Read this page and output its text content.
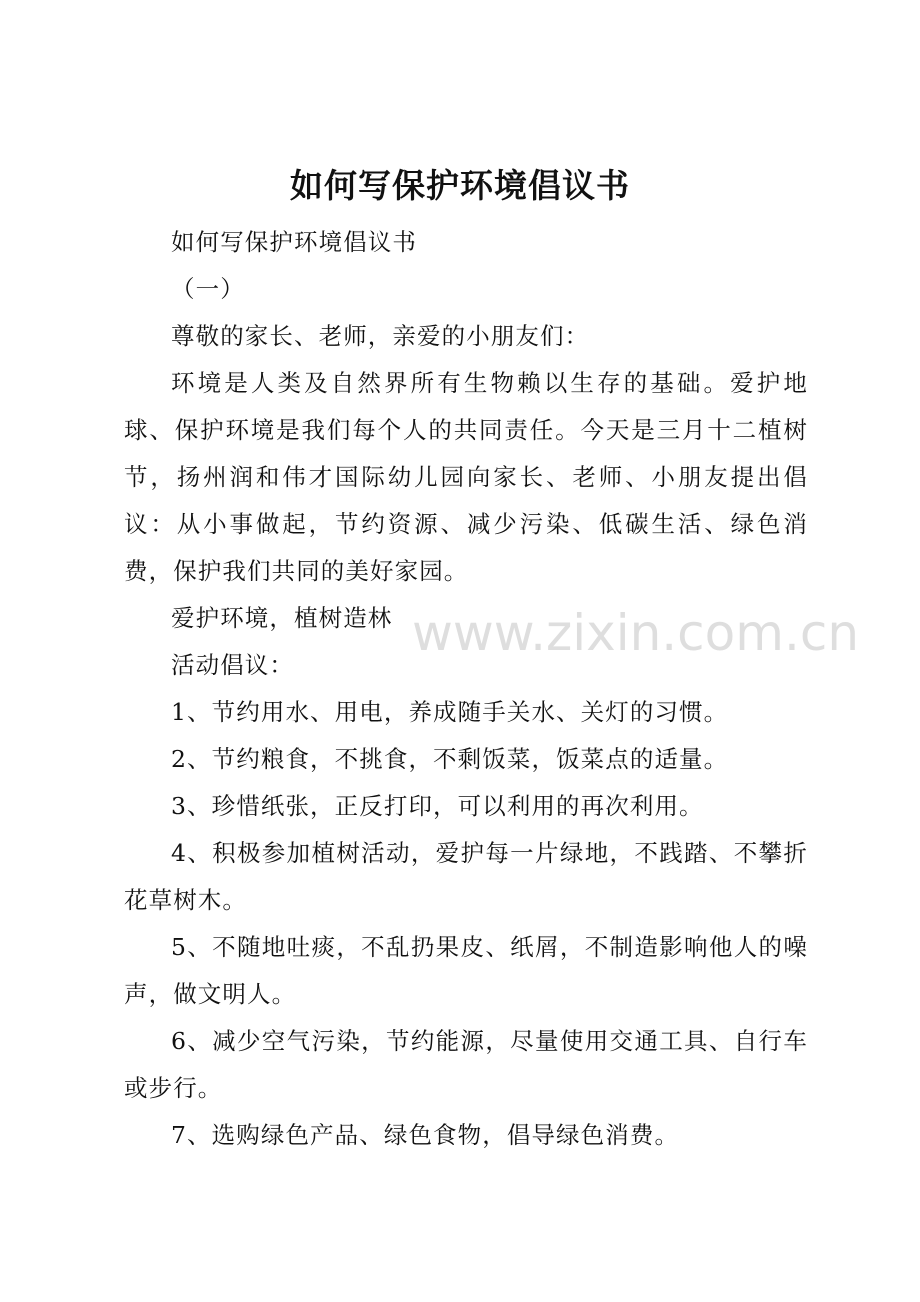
如何写保护环境倡议书

如何写保护环境倡议书

（一）

尊敬的家长、老师，亲爱的小朋友们：

环境是人类及自然界所有生物赖以生存的基础。爱护地球、保护环境是我们每个人的共同责任。今天是三月十二植树节，扬州润和伟才国际幼儿园向家长、老师、小朋友提出倡议：从小事做起，节约资源、减少污染、低碳生活、绿色消费，保护我们共同的美好家园。

爱护环境，植树造林

活动倡议：

1、节约用水、用电，养成随手关水、关灯的习惯。

2、节约粮食，不挑食，不剩饭菜，饭菜点的适量。

3、珍惜纸张，正反打印，可以利用的再次利用。

4、积极参加植树活动，爱护每一片绿地，不践踏、不攀折花草树木。

5、不随地吐痰，不乱扔果皮、纸屑，不制造影响他人的噪声，做文明人。

6、减少空气污染，节约能源，尽量使用交通工具、自行车或步行。

7、选购绿色产品、绿色食物，倡导绿色消费。

www.zixin.com.cn
